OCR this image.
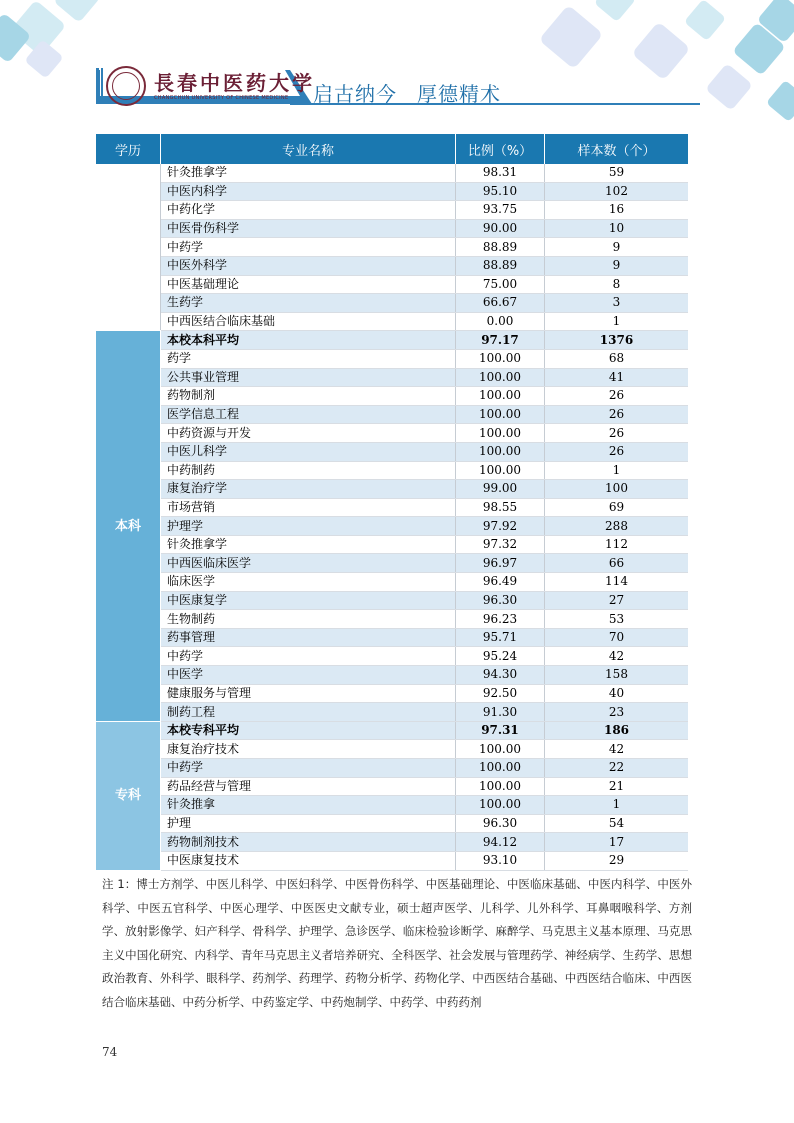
長春中医药大学
CHANGCHUN UNIVERSITY OF CHINESE MEDICINE	启古纳今 厚德精术
学历	专业名称	比例（%）	样本数（个）
	针灸推拿学	98.31	59
	中医内科学	95.10	102
	中药化学	93.75	16
	中医骨伤科学	90.00	10
	中药学	88.89	9
	中医外科学	88.89	9
	中医基础理论	75.00	8
	生药学	66.67	3
	中西医结合临床基础	0.00	1
本科	本校本科平均	97.17	1376
	药学	100.00	68
	公共事业管理	100.00	41
	药物制剂	100.00	26
	医学信息工程	100.00	26
	中药资源与开发	100.00	26
	中医儿科学	100.00	26
	中药制药	100.00	1
	康复治疗学	99.00	100
	市场营销	98.55	69
	护理学	97.92	288
	针灸推拿学	97.32	112
	中西医临床医学	96.97	66
	临床医学	96.49	114
	中医康复学	96.30	27
	生物制药	96.23	53
	药事管理	95.71	70
	中药学	95.24	42
	中医学	94.30	158
	健康服务与管理	92.50	40
	制药工程	91.30	23
专科	本校专科平均	97.31	186
	康复治疗技术	100.00	42
	中药学	100.00	22
	药品经营与管理	100.00	21
	针灸推拿	100.00	1
	护理	96.30	54
	药物制剂技术	94.12	17
	中医康复技术	93.10	29
注 1：博士方剂学、中医儿科学、中医妇科学、中医骨伤科学、中医基础理论、中医临床基础、中医内科学、中医外科学、中医五官科学、中医心理学、中医医史文献专业，硕士超声医学、儿科学、儿外科学、耳鼻咽喉科学、方剂学、放射影像学、妇产科学、骨科学、护理学、急诊医学、临床检验诊断学、麻醉学、马克思主义基本原理、马克思主义中国化研究、内科学、青年马克思主义者培养研究、全科医学、社会发展与管理药学、神经病学、生药学、思想政治教育、外科学、眼科学、药剂学、药理学、药物分析学、药物化学、中西医结合基础、中西医结合临床、中西医结合临床基础、中药分析学、中药鉴定学、中药炮制学、中药学、中药药剂
74
